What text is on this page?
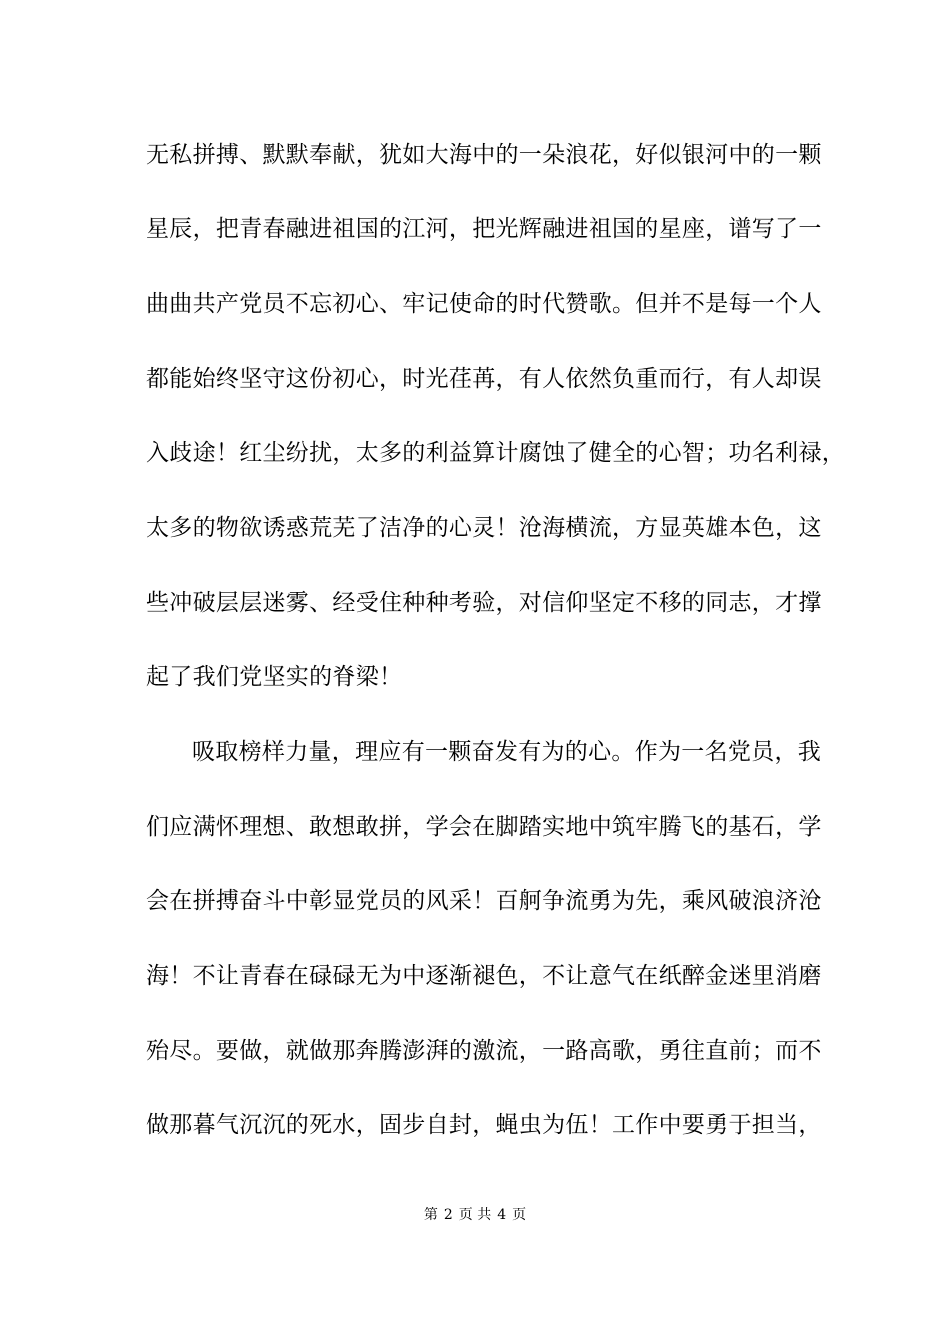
无私拼搏、默默奉献，犹如大海中的一朵浪花，好似银河中的一颗
星辰，把青春融进祖国的江河，把光辉融进祖国的星座，谱写了一
曲曲共产党员不忘初心、牢记使命的时代赞歌。但并不是每一个人
都能始终坚守这份初心，时光荏苒，有人依然负重而行，有人却误
入歧途！红尘纷扰，太多的利益算计腐蚀了健全的心智；功名利禄，
太多的物欲诱惑荒芜了洁净的心灵！沧海横流，方显英雄本色，这
些冲破层层迷雾、经受住种种考验，对信仰坚定不移的同志，才撑
起了我们党坚实的脊梁！
吸取榜样力量，理应有一颗奋发有为的心。作为一名党员，我
们应满怀理想、敢想敢拼，学会在脚踏实地中筑牢腾飞的基石，学
会在拼搏奋斗中彰显党员的风采！百舸争流勇为先，乘风破浪济沧
海！不让青春在碌碌无为中逐渐褪色，不让意气在纸醉金迷里消磨
殆尽。要做，就做那奔腾澎湃的激流，一路高歌，勇往直前；而不
做那暮气沉沉的死水，固步自封，蝇虫为伍！工作中要勇于担当，
第 2 页 共 4 页
